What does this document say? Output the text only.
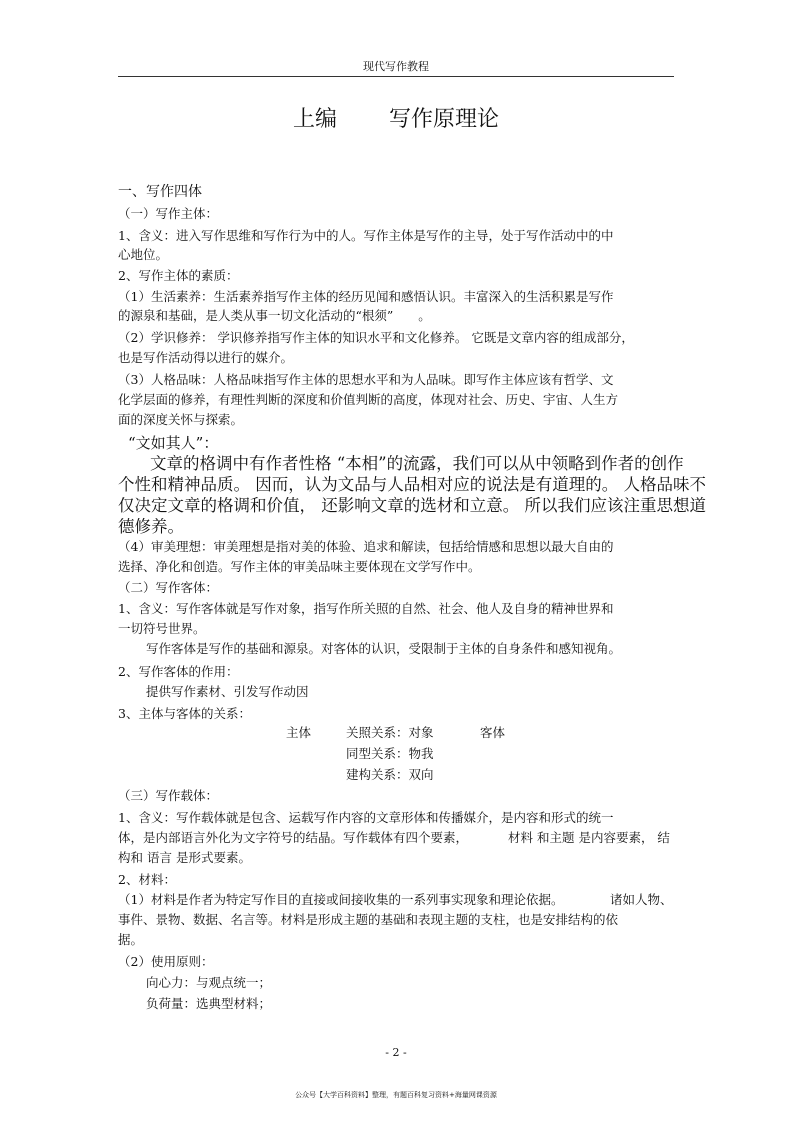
现代写作教程
上编 写作原理论
一、写作四体
（一）写作主体：
1、含义：进入写作思维和写作行为中的人。写作主体是写作的主导，处于写作活动中的中
心地位。
2、写作主体的素质：
（1）生活素养：生活素养指写作主体的经历见闻和感悟认识。丰富深入的生活积累是写作
的源泉和基础，是人类从事一切文化活动的“根须”　　。
（2）学识修养： 学识修养指写作主体的知识水平和文化修养。 它既是文章内容的组成部分，
也是写作活动得以进行的媒介。
（3）人格品味：人格品味指写作主体的思想水平和为人品味。即写作主体应该有哲学、文
化学层面的修养，有理性判断的深度和价值判断的高度，体现对社会、历史、宇宙、人生方
面的深度关怀与探索。
“文如其人”：
文章的格调中有作者性格 “本相”的流露，我们可以从中领略到作者的创作
个性和精神品质。 因而，认为文品与人品相对应的说法是有道理的。 人格品味不
仅决定文章的格调和价值， 还影响文章的选材和立意。 所以我们应该注重思想道
德修养。
（4）审美理想：审美理想是指对美的体验、追求和解读，包括给情感和思想以最大自由的
选择、净化和创造。写作主体的审美品味主要体现在文学写作中。
（二）写作客体：
1、含义：写作客体就是写作对象，指写作所关照的自然、社会、他人及自身的精神世界和
一切符号世界。
写作客体是写作的基础和源泉。对客体的认识，受限制于主体的自身条件和感知视角。
2、写作客体的作用：
提供写作素材、引发写作动因
3、主体与客体的关系：
主体	关照关系：对象	客体
同型关系：物我
建构关系：双向
（三）写作载体：
1、含义：写作载体就是包含、运载写作内容的文章形体和传播媒介，是内容和形式的统一
体，是内部语言外化为文字符号的结晶。写作载体有四个要素，	材料 和主题 是内容要素， 结
构和 语言 是形式要素。
2、材料：
（1）材料是作者为特定写作目的直接或间接收集的一系列事实现象和理论依据。	诸如人物、
事件、景物、数据、名言等。材料是形成主题的基础和表现主题的支柱，也是安排结构的依
据。
（2）使用原则：
向心力：与观点统一；
负荷量：选典型材料；
- 2 -
公众号【大学百科资料】整理，有题百科复习资料+海量网课资源
